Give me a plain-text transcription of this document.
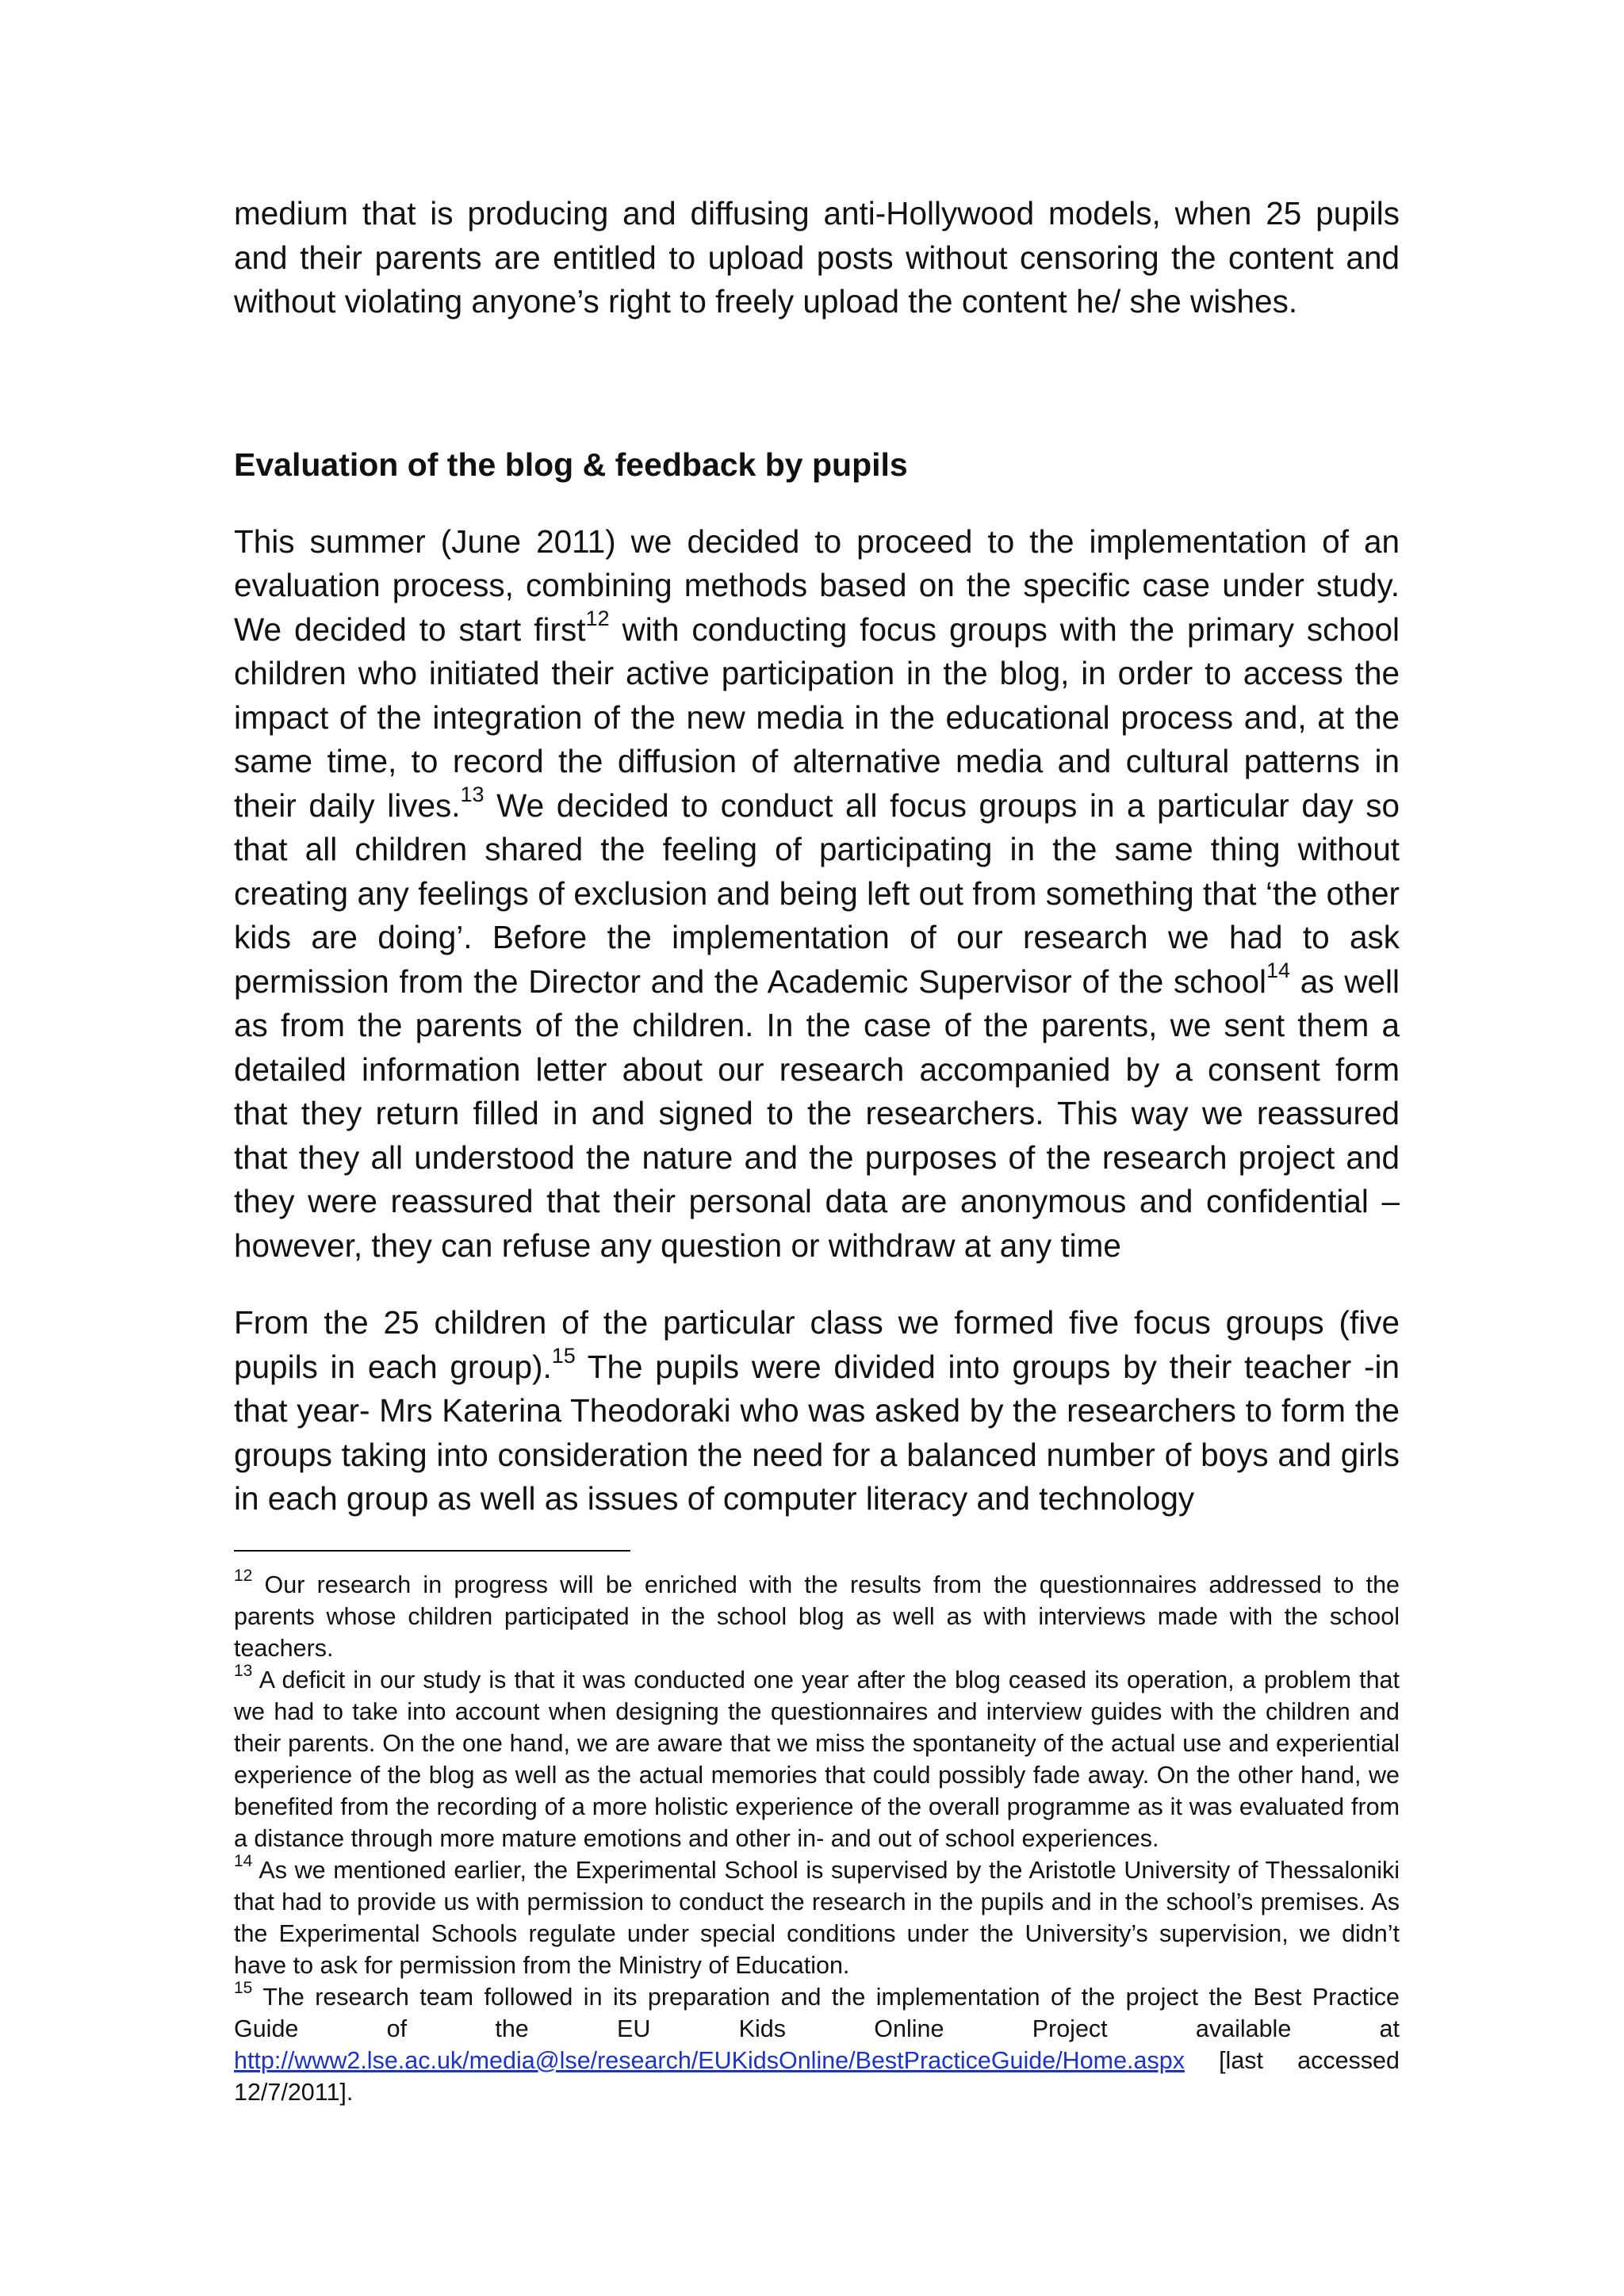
medium that is producing and diffusing anti-Hollywood models, when 25 pupils and their parents are entitled to upload posts without censoring the content and without violating anyone’s right to freely upload the content he/ she wishes.

Evaluation of the blog & feedback by pupils

This summer (June 2011) we decided to proceed to the implementation of an evaluation process, combining methods based on the specific case under study. We decided to start first$^{12}$ with conducting focus groups with the primary school children who initiated their active participation in the blog, in order to access the impact of the integration of the new media in the educational process and, at the same time, to record the diffusion of alternative media and cultural patterns in their daily lives.$^{13}$ We decided to conduct all focus groups in a particular day so that all children shared the feeling of participating in the same thing without creating any feelings of exclusion and being left out from something that ‘the other kids are doing’. Before the implementation of our research we had to ask permission from the Director and the Academic Supervisor of the school$^{14}$ as well as from the parents of the children. In the case of the parents, we sent them a detailed information letter about our research accompanied by a consent form that they return filled in and signed to the researchers. This way we reassured that they all understood the nature and the purposes of the research project and they were reassured that their personal data are anonymous and confidential – however, they can refuse any question or withdraw at any time

From the 25 children of the particular class we formed five focus groups (five pupils in each group).$^{15}$ The pupils were divided into groups by their teacher -in that year- Mrs Katerina Theodoraki who was asked by the researchers to form the groups taking into consideration the need for a balanced number of boys and girls in each group as well as issues of computer literacy and technology

$^{12}$ Our research in progress will be enriched with the results from the questionnaires addressed to the parents whose children participated in the school blog as well as with interviews made with the school teachers.

$^{13}$ A deficit in our study is that it was conducted one year after the blog ceased its operation, a problem that we had to take into account when designing the questionnaires and interview guides with the children and their parents. On the one hand, we are aware that we miss the spontaneity of the actual use and experiential experience of the blog as well as the actual memories that could possibly fade away. On the other hand, we benefited from the recording of a more holistic experience of the overall programme as it was evaluated from a distance through more mature emotions and other in- and out of school experiences.

$^{14}$ As we mentioned earlier, the Experimental School is supervised by the Aristotle University of Thessaloniki that had to provide us with permission to conduct the research in the pupils and in the school’s premises. As the Experimental Schools regulate under special conditions under the University’s supervision, we didn’t have to ask for permission from the Ministry of Education.

$^{15}$ The research team followed in its preparation and the implementation of the project the Best Practice Guide of the EU Kids Online Project available at http://www2.lse.ac.uk/media@lse/research/EUKidsOnline/BestPracticeGuide/Home.aspx [last accessed 12/7/2011].
